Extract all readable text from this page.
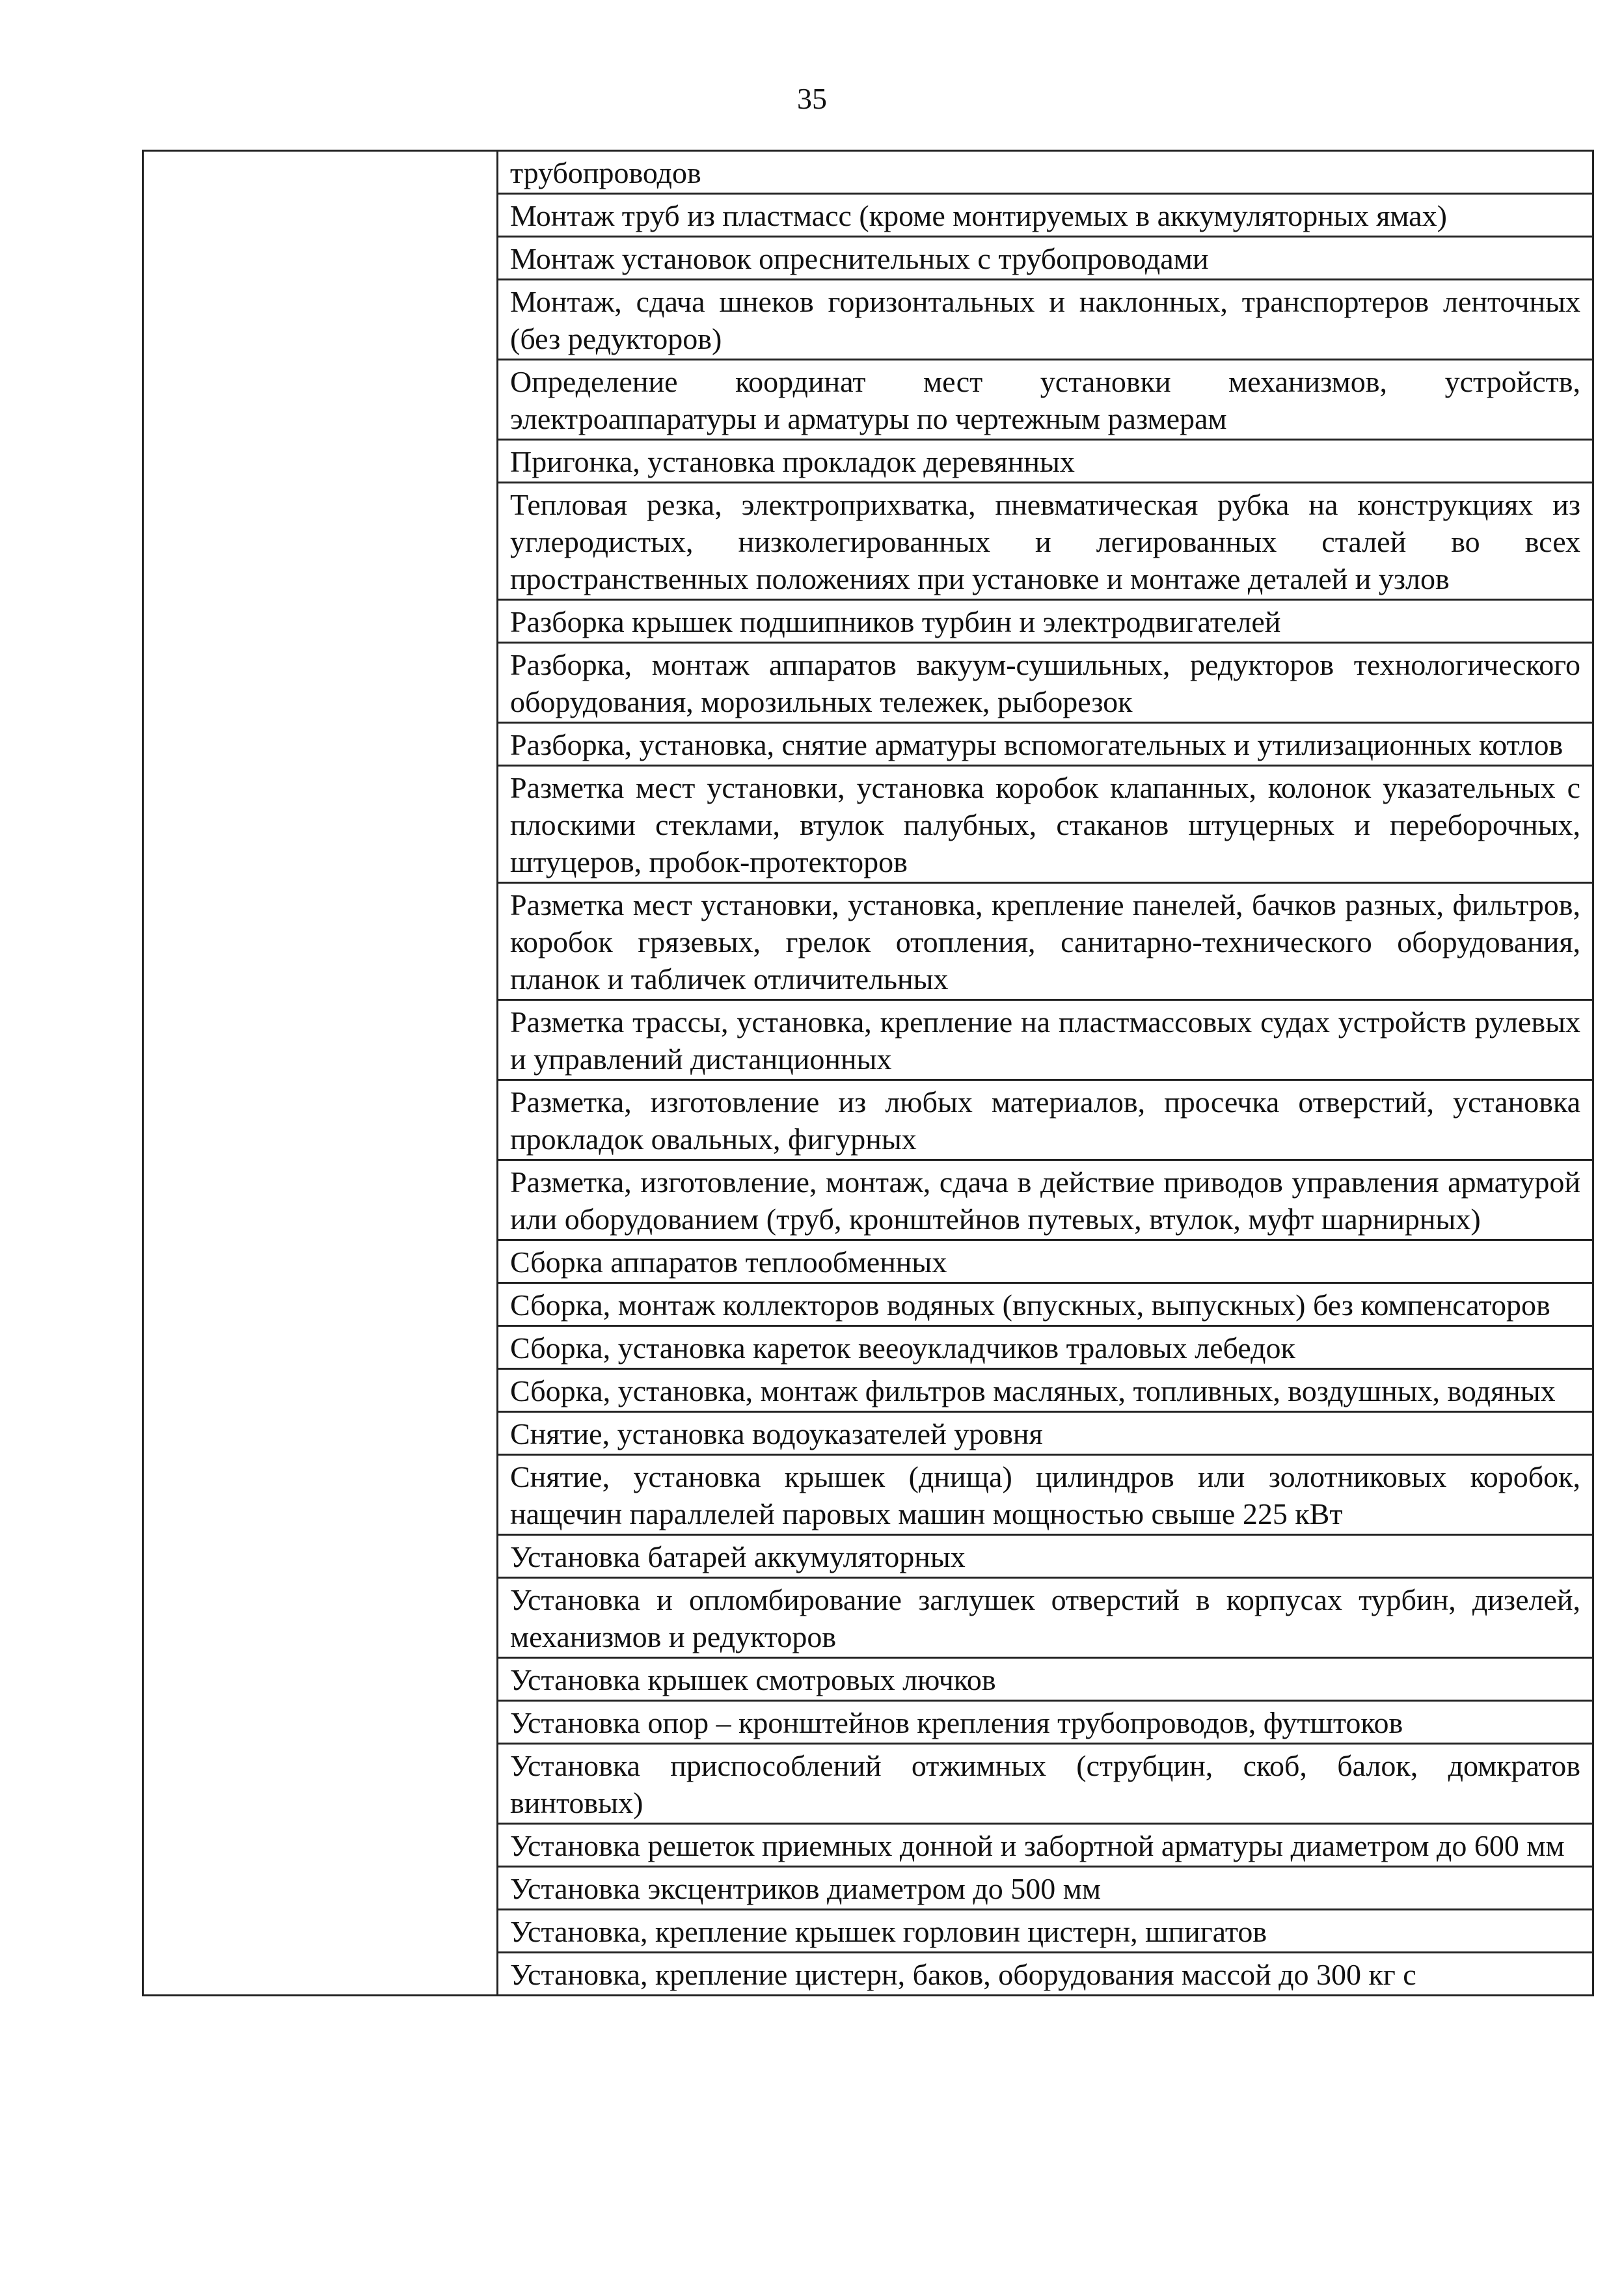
35

трубопроводов
Монтаж труб из пластмасс (кроме монтируемых в аккумуляторных ямах)
Монтаж установок опреснительных с трубопроводами
Монтаж, сдача шнеков горизонтальных и наклонных, транспортеров ленточных (без редукторов)
Определение координат мест установки механизмов, устройств, электроаппаратуры и арматуры по чертежным размерам
Пригонка, установка прокладок деревянных
Тепловая резка, электроприхватка, пневматическая рубка на конструкциях из углеродистых, низколегированных и легированных сталей во всех пространственных положениях при установке и монтаже деталей и узлов
Разборка крышек подшипников турбин и электродвигателей
Разборка, монтаж аппаратов вакуум-сушильных, редукторов технологического оборудования, морозильных тележек, рыборезок
Разборка, установка, снятие арматуры вспомогательных и утилизационных котлов
Разметка мест установки, установка коробок клапанных, колонок указательных с плоскими стеклами, втулок палубных, стаканов штуцерных и переборочных, штуцеров, пробок-протекторов
Разметка мест установки, установка, крепление панелей, бачков разных, фильтров, коробок грязевых, грелок отопления, санитарно-технического оборудования, планок и табличек отличительных
Разметка трассы, установка, крепление на пластмассовых судах устройств рулевых и управлений дистанционных
Разметка, изготовление из любых материалов, просечка отверстий, установка прокладок овальных, фигурных
Разметка, изготовление, монтаж, сдача в действие приводов управления арматурой или оборудованием (труб, кронштейнов путевых, втулок, муфт шарнирных)
Сборка аппаратов теплообменных
Сборка, монтаж коллекторов водяных (впускных, выпускных) без компенсаторов
Сборка, установка кареток вееоукладчиков траловых лебедок
Сборка, установка, монтаж фильтров масляных, топливных, воздушных, водяных
Снятие, установка водоуказателей уровня
Снятие, установка крышек (днища) цилиндров или золотниковых коробок, нащечин параллелей паровых машин мощностью свыше 225 кВт
Установка батарей аккумуляторных
Установка и опломбирование заглушек отверстий в корпусах турбин, дизелей, механизмов и редукторов
Установка крышек смотровых лючков
Установка опор – кронштейнов крепления трубопроводов, футштоков
Установка приспособлений отжимных (струбцин, скоб, балок, домкратов винтовых)
Установка решеток приемных донной и забортной арматуры диаметром до 600 мм
Установка эксцентриков диаметром до 500 мм
Установка, крепление крышек горловин цистерн, шпигатов
Установка, крепление цистерн, баков, оборудования массой до 300 кг с
